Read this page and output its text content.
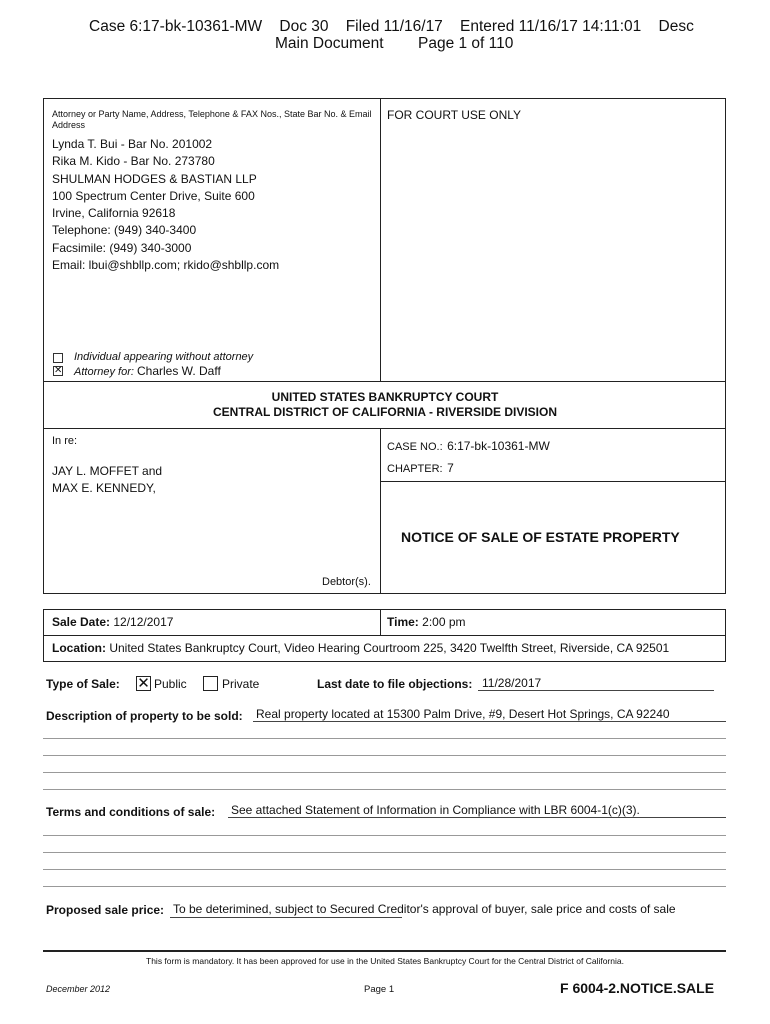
Case 6:17-bk-10361-MW    Doc 30    Filed 11/16/17    Entered 11/16/17 14:11:01    Desc
Main Document        Page 1 of 110
Attorney or Party Name, Address, Telephone & FAX Nos., State Bar No. & Email Address
FOR COURT USE ONLY
Lynda T. Bui - Bar No. 201002
Rika M. Kido - Bar No. 273780
SHULMAN HODGES & BASTIAN LLP
100 Spectrum Center Drive, Suite 600
Irvine, California 92618
Telephone: (949) 340-3400
Facsimile: (949) 340-3000
Email: lbui@shbllp.com; rkido@shbllp.com
Individual appearing without attorney
✕ Attorney for: Charles W. Daff
UNITED STATES BANKRUPTCY COURT
CENTRAL DISTRICT OF CALIFORNIA - RIVERSIDE DIVISION
In re:
JAY L. MOFFET and
MAX E. KENNEDY,
Debtor(s).
CASE NO.: 6:17-bk-10361-MW
CHAPTER: 7
NOTICE OF SALE OF ESTATE PROPERTY
Sale Date: 12/12/2017	Time: 2:00 pm
Location: United States Bankruptcy Court, Video Hearing Courtroom 225, 3420 Twelfth Street, Riverside, CA 92501
Type of Sale: ✕ Public	Private	Last date to file objections: 11/28/2017
Description of property to be sold: Real property located at 15300 Palm Drive, #9, Desert Hot Springs, CA 92240
Terms and conditions of sale: See attached Statement of Information in Compliance with LBR 6004-1(c)(3).
Proposed sale price: To be deterimined, subject to Secured Creditor's approval of buyer, sale price and costs of sale
This form is mandatory. It has been approved for use in the United States Bankruptcy Court for the Central District of California.
December 2012	Page 1	F 6004-2.NOTICE.SALE
